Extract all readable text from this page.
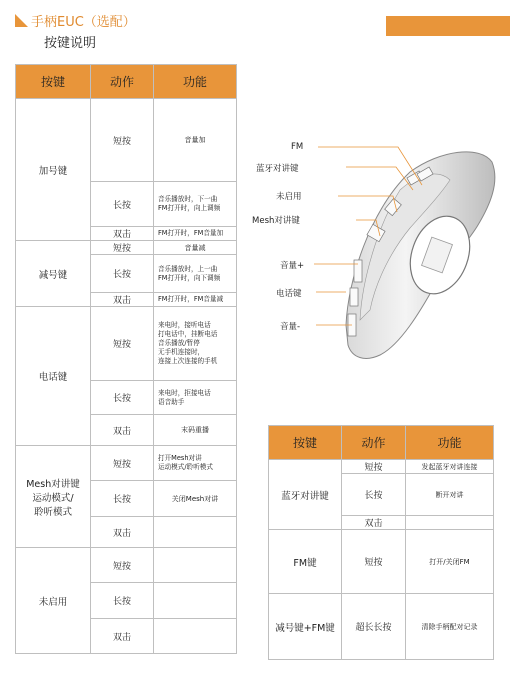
手柄EUC（选配）
按键说明
按键	动作	功能
加号键	短按	音量加
	长按	音乐播放时，下一曲
FM打开时，向上调频

	双击	FM打开时，FM音量加

减号键	短按	音量减
	长按	音乐播放时，上一曲
FM打开时，向下调频

	双击	FM打开时，FM音量减

电话键	短按	来电时，接听电话
打电话中，挂断电话
音乐播放/暂停
无手机连接时，
连接上次连接的手机

	长按	来电时，拒接电话
语音助手

	双击	末码重播

Mesh对讲键
运动模式/
聆听模式	短按	打开Mesh对讲
运动模式/聆听模式

	长按	关闭Mesh对讲
	双击	
未启用	短按	
	长按	
	双击	
FM
蓝牙对讲键
未启用
Mesh对讲键
音量+
电话键
音量-
按键	动作	功能
蓝牙对讲键	短按	发起蓝牙对讲连接
	长按	断开对讲
	双击	
FM键	短按	打开/关闭FM
减号键+FM键	超长长按	清除手柄配对记录
